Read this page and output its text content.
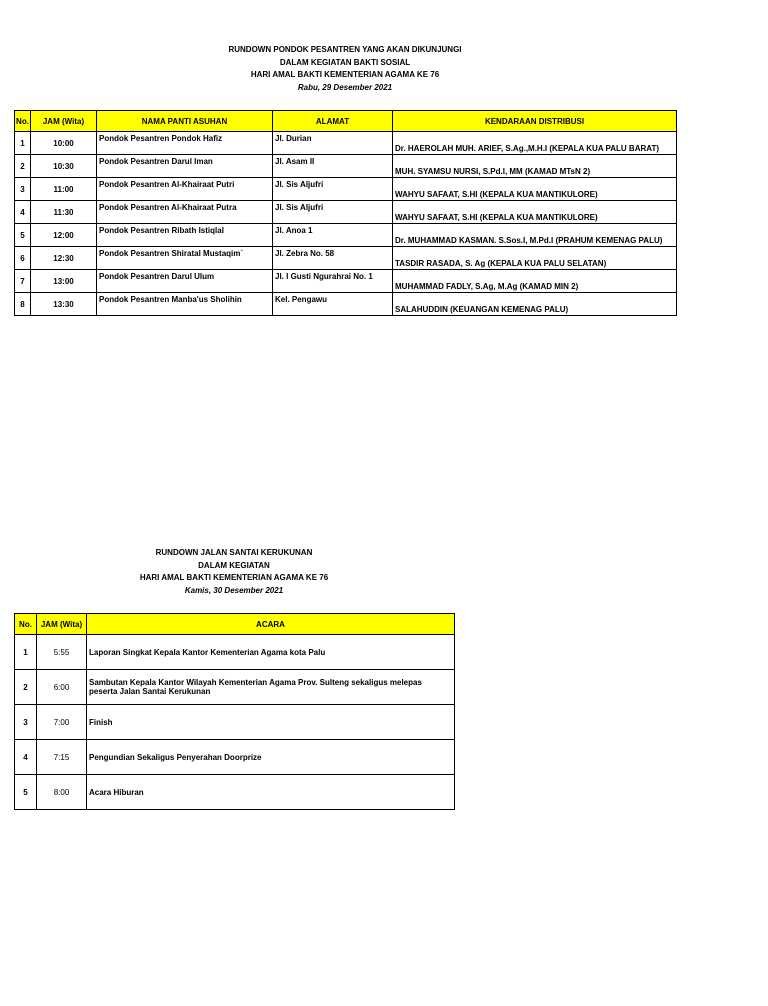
RUNDOWN PONDOK PESANTREN YANG AKAN DIKUNJUNGI
DALAM KEGIATAN BAKTI SOSIAL
HARI AMAL BAKTI KEMENTERIAN AGAMA KE 76
Rabu, 29 Desember 2021
No.	JAM (Wita)	NAMA PANTI ASUHAN	ALAMAT	KENDARAAN DISTRIBUSI
1	10:00	Pondok Pesantren Pondok Hafiz	Jl. Durian	Dr. HAEROLAH MUH. ARIEF, S.Ag.,M.H.I (KEPALA KUA PALU BARAT)
2	10:30	Pondok Pesantren Darul Iman	Jl. Asam II	MUH. SYAMSU NURSI, S.Pd.I, MM (KAMAD MTsN 2)
3	11:00	Pondok Pesantren Al-Khairaat Putri	Jl. Sis Aljufri	WAHYU SAFAAT, S.HI (KEPALA KUA MANTIKULORE)
4	11:30	Pondok Pesantren Al-Khairaat Putra	Jl. Sis Aljufri	WAHYU SAFAAT, S.HI (KEPALA KUA MANTIKULORE)
5	12:00	Pondok Pesantren Ribath Istiqlal	Jl. Anoa 1	Dr. MUHAMMAD KASMAN. S.Sos.I, M.Pd.I (PRAHUM KEMENAG PALU)
6	12:30	Pondok Pesantren Shiratal Mustaqim`	Jl. Zebra No. 58	TASDIR RASADA, S. Ag (KEPALA KUA PALU SELATAN)
7	13:00	Pondok Pesantren Darul Ulum	Jl. I Gusti Ngurahrai No. 1	MUHAMMAD FADLY, S.Ag, M.Ag (KAMAD MIN 2)
8	13:30	Pondok Pesantren Manba'us Sholihin	Kel. Pengawu	SALAHUDDIN (KEUANGAN KEMENAG PALU)
RUNDOWN JALAN SANTAI KERUKUNAN
DALAM KEGIATAN
HARI AMAL BAKTI KEMENTERIAN AGAMA KE 76
Kamis, 30 Desember 2021
No.	JAM (Wita)	ACARA
1	5:55	Laporan Singkat Kepala Kantor Kementerian Agama kota Palu
2	6:00	Sambutan Kepala Kantor Wilayah Kementerian Agama Prov. Sulteng sekaligus melepas peserta Jalan Santai Kerukunan
3	7:00	Finish
4	7:15	Pengundian Sekaligus Penyerahan Doorprize
5	8:00	Acara Hiburan
